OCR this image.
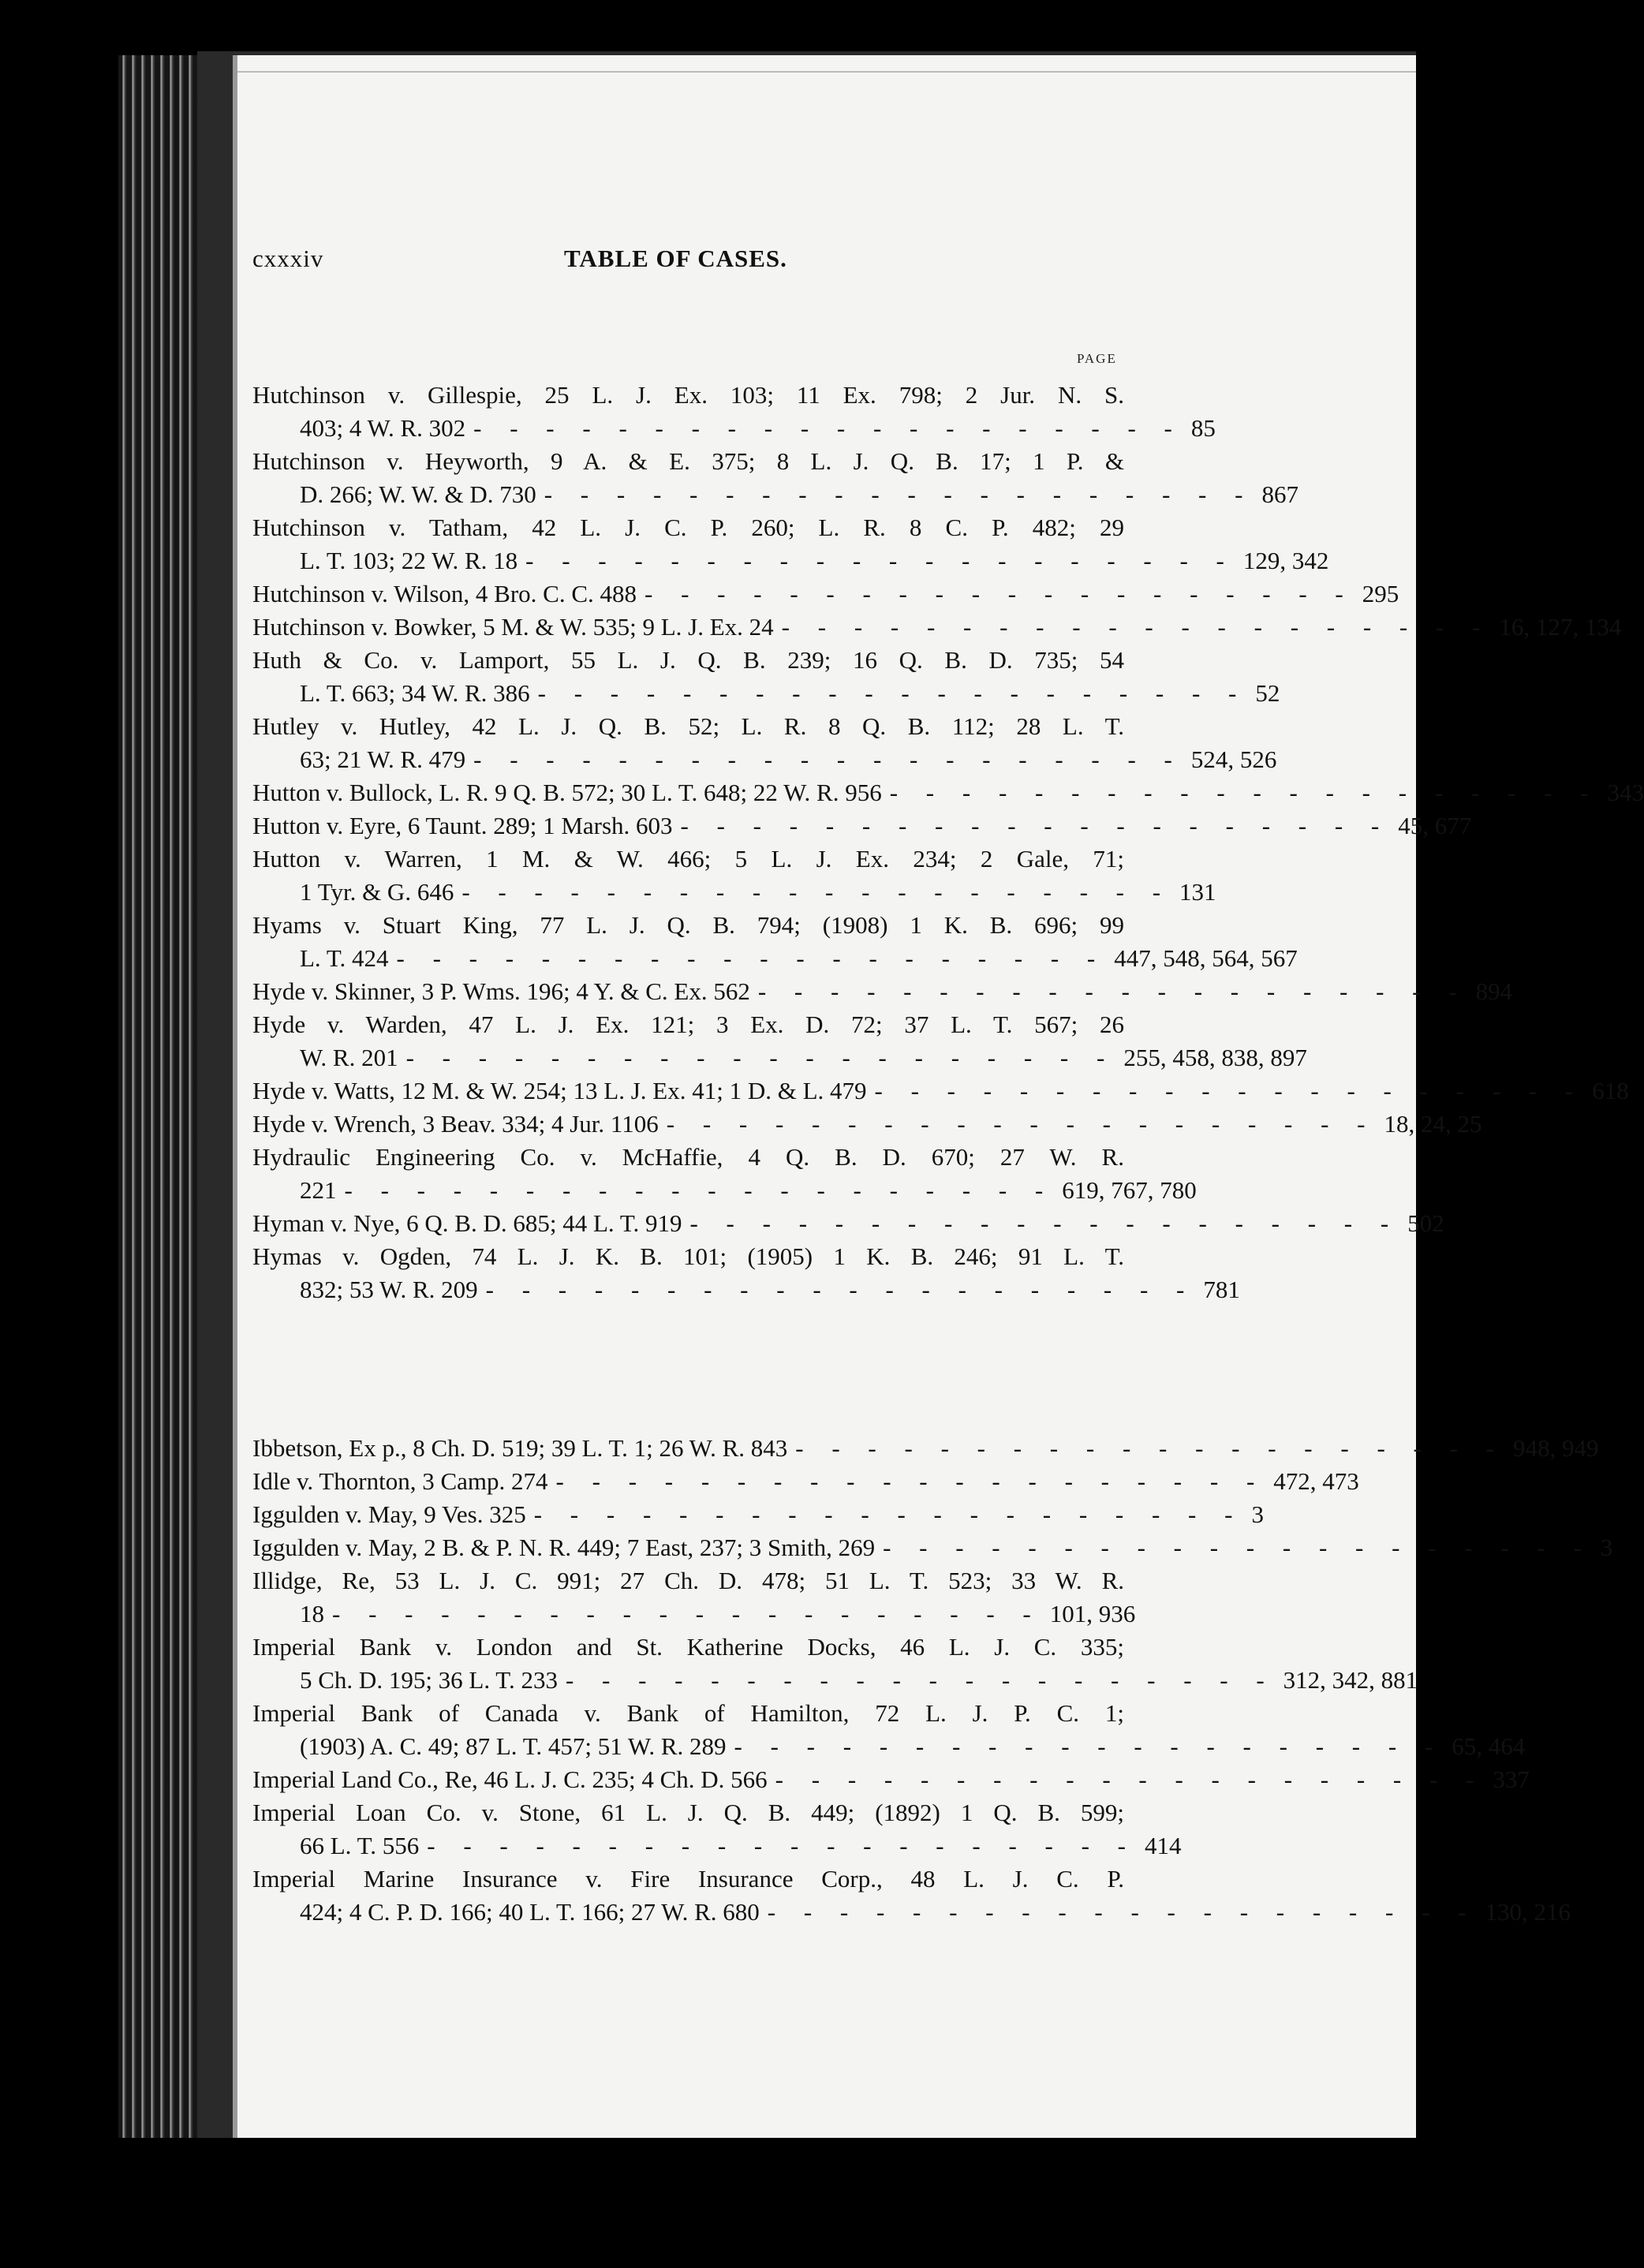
cxxxiv	TABLE OF CASES.
PAGE
Hutchinson v. Gillespie, 25 L. J. Ex. 103; 11 Ex. 798; 2 Jur. N. S.
403; 4 W. R. 302 - - - - - - - - - - - - - - - - - - - - 85
Hutchinson v. Heyworth, 9 A. & E. 375; 8 L. J. Q. B. 17; 1 P. &
D. 266; W. W. & D. 730 - - - - - - - - - - - - - - - - - - - - 867
Hutchinson v. Tatham, 42 L. J. C. P. 260; L. R. 8 C. P. 482; 29
L. T. 103; 22 W. R. 18 - - - - - - - - - - - - - - - - - - - - 129, 342
Hutchinson v. Wilson, 4 Bro. C. C. 488 - - - - - - - - - - - - - - - - - - - - 295
Hutchinson v. Bowker, 5 M. & W. 535; 9 L. J. Ex. 24 - - - - - - - - - - - - - - - - - - - - 16, 127, 134
Huth & Co. v. Lamport, 55 L. J. Q. B. 239; 16 Q. B. D. 735; 54
L. T. 663; 34 W. R. 386 - - - - - - - - - - - - - - - - - - - - 52
Hutley v. Hutley, 42 L. J. Q. B. 52; L. R. 8 Q. B. 112; 28 L. T.
63; 21 W. R. 479 - - - - - - - - - - - - - - - - - - - - 524, 526
Hutton v. Bullock, L. R. 9 Q. B. 572; 30 L. T. 648; 22 W. R. 956 - - - - - - - - - - - - - - - - - - - - 343
Hutton v. Eyre, 6 Taunt. 289; 1 Marsh. 603 - - - - - - - - - - - - - - - - - - - - 45, 677
Hutton v. Warren, 1 M. & W. 466; 5 L. J. Ex. 234; 2 Gale, 71;
1 Tyr. & G. 646 - - - - - - - - - - - - - - - - - - - - 131
Hyams v. Stuart King, 77 L. J. Q. B. 794; (1908) 1 K. B. 696; 99
L. T. 424 - - - - - - - - - - - - - - - - - - - - 447, 548, 564, 567
Hyde v. Skinner, 3 P. Wms. 196; 4 Y. & C. Ex. 562 - - - - - - - - - - - - - - - - - - - - 894
Hyde v. Warden, 47 L. J. Ex. 121; 3 Ex. D. 72; 37 L. T. 567; 26
W. R. 201 - - - - - - - - - - - - - - - - - - - - 255, 458, 838, 897
Hyde v. Watts, 12 M. & W. 254; 13 L. J. Ex. 41; 1 D. & L. 479 - - - - - - - - - - - - - - - - - - - - 618
Hyde v. Wrench, 3 Beav. 334; 4 Jur. 1106 - - - - - - - - - - - - - - - - - - - - 18, 24, 25
Hydraulic Engineering Co. v. McHaffie, 4 Q. B. D. 670; 27 W. R.
221 - - - - - - - - - - - - - - - - - - - - 619, 767, 780
Hyman v. Nye, 6 Q. B. D. 685; 44 L. T. 919 - - - - - - - - - - - - - - - - - - - - 502
Hymas v. Ogden, 74 L. J. K. B. 101; (1905) 1 K. B. 246; 91 L. T.
832; 53 W. R. 209 - - - - - - - - - - - - - - - - - - - - 781
Ibbetson, Ex p., 8 Ch. D. 519; 39 L. T. 1; 26 W. R. 843 - - - - - - - - - - - - - - - - - - - - 948, 949
Idle v. Thornton, 3 Camp. 274 - - - - - - - - - - - - - - - - - - - - 472, 473
Iggulden v. May, 9 Ves. 325 - - - - - - - - - - - - - - - - - - - - 3
Iggulden v. May, 2 B. & P. N. R. 449; 7 East, 237; 3 Smith, 269 - - - - - - - - - - - - - - - - - - - - 3
Illidge, Re, 53 L. J. C. 991; 27 Ch. D. 478; 51 L. T. 523; 33 W. R.
18 - - - - - - - - - - - - - - - - - - - - 101, 936
Imperial Bank v. London and St. Katherine Docks, 46 L. J. C. 335;
5 Ch. D. 195; 36 L. T. 233 - - - - - - - - - - - - - - - - - - - - 312, 342, 881
Imperial Bank of Canada v. Bank of Hamilton, 72 L. J. P. C. 1;
(1903) A. C. 49; 87 L. T. 457; 51 W. R. 289 - - - - - - - - - - - - - - - - - - - - 65, 464
Imperial Land Co., Re, 46 L. J. C. 235; 4 Ch. D. 566 - - - - - - - - - - - - - - - - - - - - 337
Imperial Loan Co. v. Stone, 61 L. J. Q. B. 449; (1892) 1 Q. B. 599;
66 L. T. 556 - - - - - - - - - - - - - - - - - - - - 414
Imperial Marine Insurance v. Fire Insurance Corp., 48 L. J. C. P.
424; 4 C. P. D. 166; 40 L. T. 166; 27 W. R. 680 - - - - - - - - - - - - - - - - - - - - 130, 216
